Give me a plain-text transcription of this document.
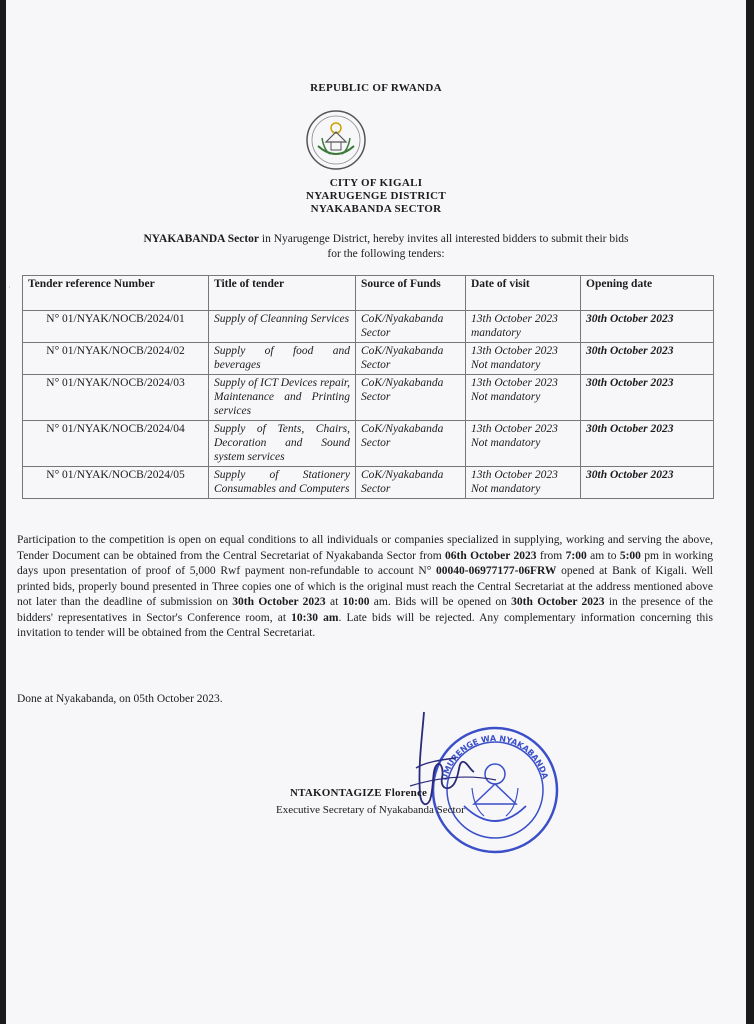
·
REPUBLIC OF RWANDA
CITY OF KIGALI
NYARUGENGE DISTRICT
NYAKABANDA SECTOR
NYAKABANDA Sector in Nyarugenge District, hereby invites all interested bidders to submit their bids
for the following tenders:
Tender reference Number	Title of tender	Source of Funds	Date of visit	Opening date
N° 01/NYAK/NOCB/2024/01	Supply of Cleanning Services	CoK/Nyakabanda Sector	13th October 2023
mandatory	30th October 2023
N° 01/NYAK/NOCB/2024/02	Supply of food and beverages	CoK/Nyakabanda Sector	13th October 2023
Not mandatory	30th October 2023
N° 01/NYAK/NOCB/2024/03	Supply of ICT Devices repair, Maintenance and Printing services	CoK/Nyakabanda Sector	13th October 2023
Not mandatory	30th October 2023
N° 01/NYAK/NOCB/2024/04	Supply of Tents, Chairs, Decoration and Sound system services	CoK/Nyakabanda Sector	13th October 2023
Not mandatory	30th October 2023
N° 01/NYAK/NOCB/2024/05	Supply of Stationery Consumables and Computers	CoK/Nyakabanda Sector	13th October 2023
Not mandatory	30th October 2023
Participation to the competition is open on equal conditions to all individuals or companies specialized in supplying, working and serving the above, Tender Document can be obtained from the Central Secretariat of Nyakabanda Sector from 06th October 2023 from 7:00 am to 5:00 pm in working days upon presentation of proof of 5,000 Rwf payment non-refundable to account N° 00040-06977177-06FRW opened at Bank of Kigali. Well printed bids, properly bound presented in Three copies one of which is the original must reach the Central Secretariat at the address mentioned above not later than the deadline of submission on 30th October 2023 at 10:00 am. Bids will be opened on 30th October 2023 in the presence of the bidders' representatives in Sector's Conference room, at 10:30 am. Late bids will be rejected. Any complementary information concerning this invitation to tender will be obtained from the Central Secretariat.
Done at Nyakabanda, on 05th October 2023.
UMURENGE WA NYAKABANDA
NTAKONTAGIZE Florence
Executive Secretary of Nyakabanda Sector
